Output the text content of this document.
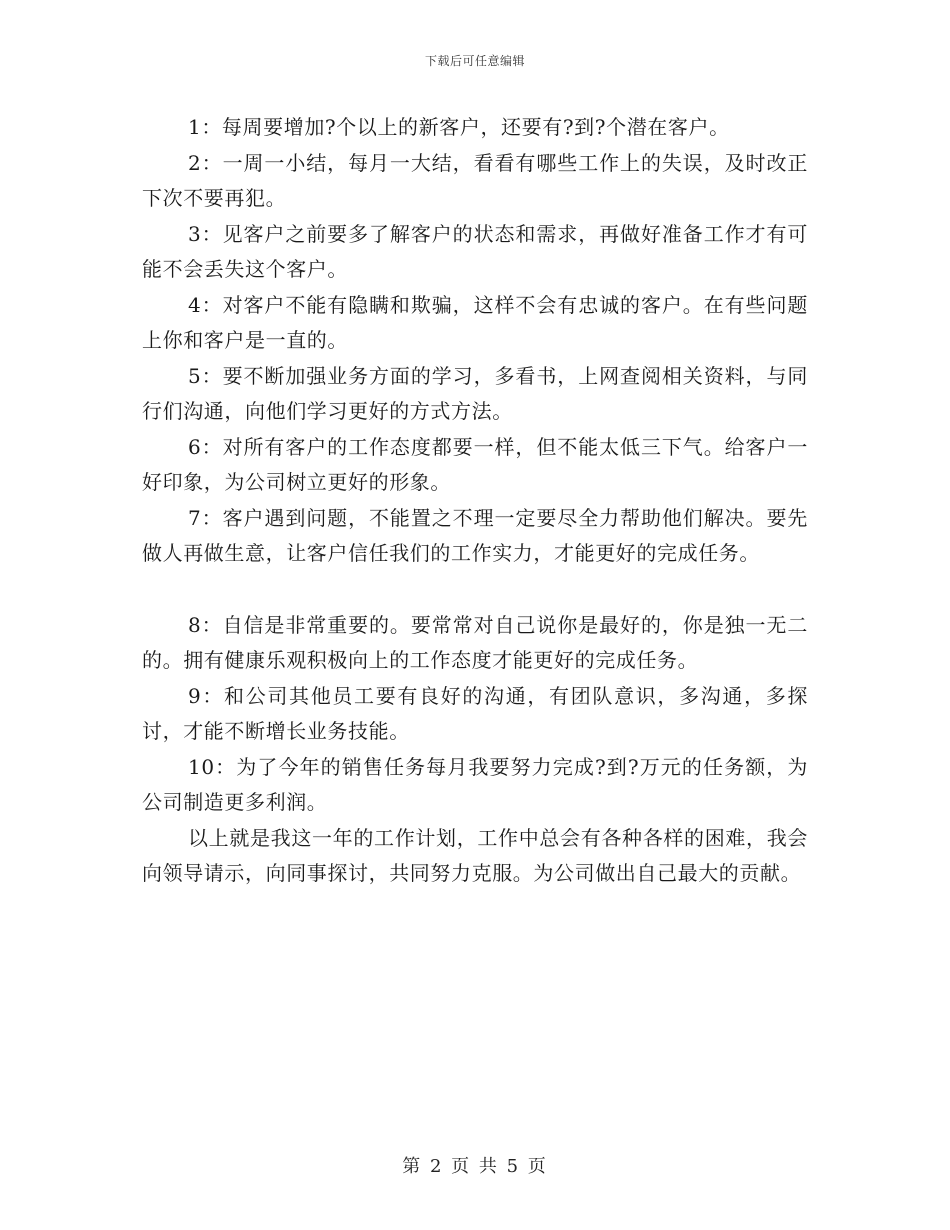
下载后可任意编辑

1：每周要增加?个以上的新客户，还要有?到?个潜在客户。

2：一周一小结，每月一大结，看看有哪些工作上的失误，及时改正下次不要再犯。

3：见客户之前要多了解客户的状态和需求，再做好准备工作才有可能不会丢失这个客户。

4：对客户不能有隐瞒和欺骗，这样不会有忠诚的客户。在有些问题上你和客户是一直的。

5：要不断加强业务方面的学习，多看书，上网查阅相关资料，与同行们沟通，向他们学习更好的方式方法。

6：对所有客户的工作态度都要一样，但不能太低三下气。给客户一好印象，为公司树立更好的形象。

7：客户遇到问题，不能置之不理一定要尽全力帮助他们解决。要先做人再做生意，让客户信任我们的工作实力，才能更好的完成任务。

8：自信是非常重要的。要常常对自己说你是最好的，你是独一无二的。拥有健康乐观积极向上的工作态度才能更好的完成任务。

9：和公司其他员工要有良好的沟通，有团队意识，多沟通，多探讨，才能不断增长业务技能。

10：为了今年的销售任务每月我要努力完成?到?万元的任务额，为公司制造更多利润。

以上就是我这一年的工作计划，工作中总会有各种各样的困难，我会向领导请示，向同事探讨，共同努力克服。为公司做出自己最大的贡献。

第 2 页 共 5 页
